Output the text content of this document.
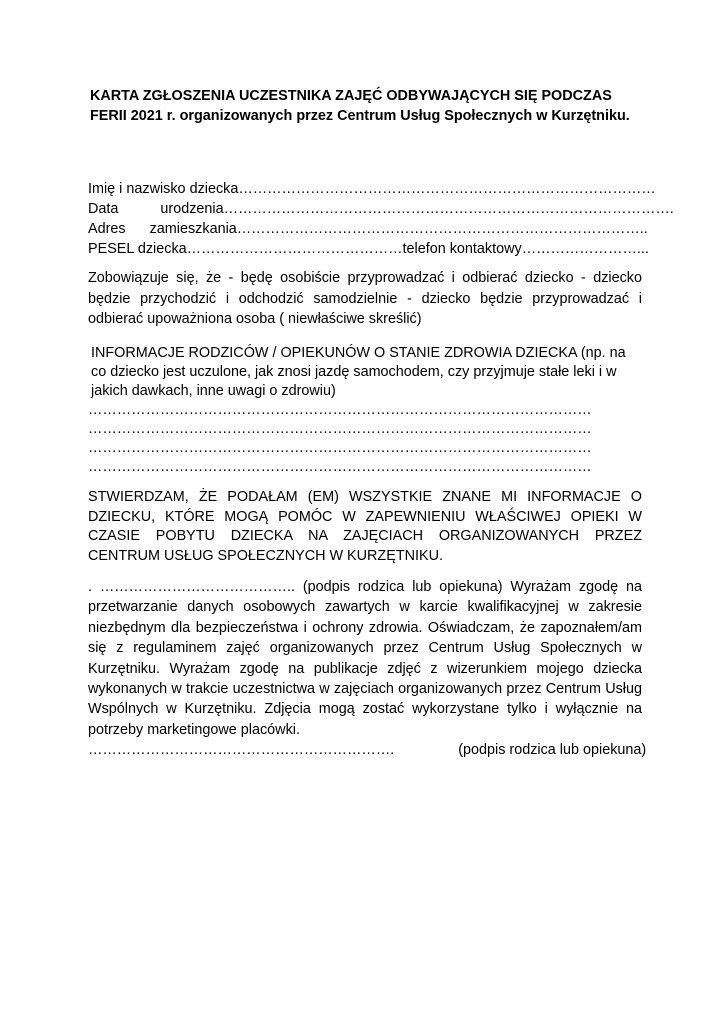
KARTA ZGŁOSZENIA UCZESTNIKA ZAJĘĆ ODBYWAJĄCYCH SIĘ PODCZAS
FERII 2021 r. organizowanych przez Centrum Usług Społecznych w Kurzętniku.
Imię i nazwisko dziecka……………………………………………………………………………
Data	urodzenia………………………………………………………………………………….
Adres zamieszkania…………………………………………………………………………..
PESEL dziecka………………………………………telefon kontaktowy……………………...
Zobowiązuje się, że - będę osobiście przyprowadzać i odbierać dziecko - dziecko będzie przychodzić i odchodzić samodzielnie - dziecko będzie przyprowadzać i odbierać upoważniona osoba ( niewłaściwe skreślić)
INFORMACJE RODZICÓW / OPIEKUNÓW O STANIE ZDROWIA DZIECKA (np. na co dziecko jest uczulone, jak znosi jazdę samochodem, czy przyjmuje stałe leki i w jakich dawkach, inne uwagi o zdrowiu)
……………………………………………………………………………………………
……………………………………………………………………………………………
……………………………………………………………………………………………
……………………………………………………………………………………………
STWIERDZAM, ŻE PODAŁAM (EM) WSZYSTKIE ZNANE MI INFORMACJE O DZIECKU, KTÓRE MOGĄ POMÓC W ZAPEWNIENIU WŁAŚCIWEJ OPIEKI W CZASIE POBYTU DZIECKA NA ZAJĘCIACH ORGANIZOWANYCH PRZEZ CENTRUM USŁUG SPOŁECZNYCH W KURZĘTNIKU.
. ………………………………….. (podpis rodzica lub opiekuna) Wyrażam zgodę na przetwarzanie danych osobowych zawartych w karcie kwalifikacyjnej w zakresie niezbędnym dla bezpieczeństwa i ochrony zdrowia. Oświadczam, że zapoznałem/am się z regulaminem zajęć organizowanych przez Centrum Usług Społecznych w Kurzętniku. Wyrażam zgodę na publikacje zdjęć z wizerunkiem mojego dziecka wykonanych w trakcie uczestnictwa w zajęciach organizowanych przez Centrum Usług Wspólnych w Kurzętniku. Zdjęcia mogą zostać wykorzystane tylko i wyłącznie na potrzeby marketingowe placówki.
……………………………………………………….	(podpis rodzica lub opiekuna)
